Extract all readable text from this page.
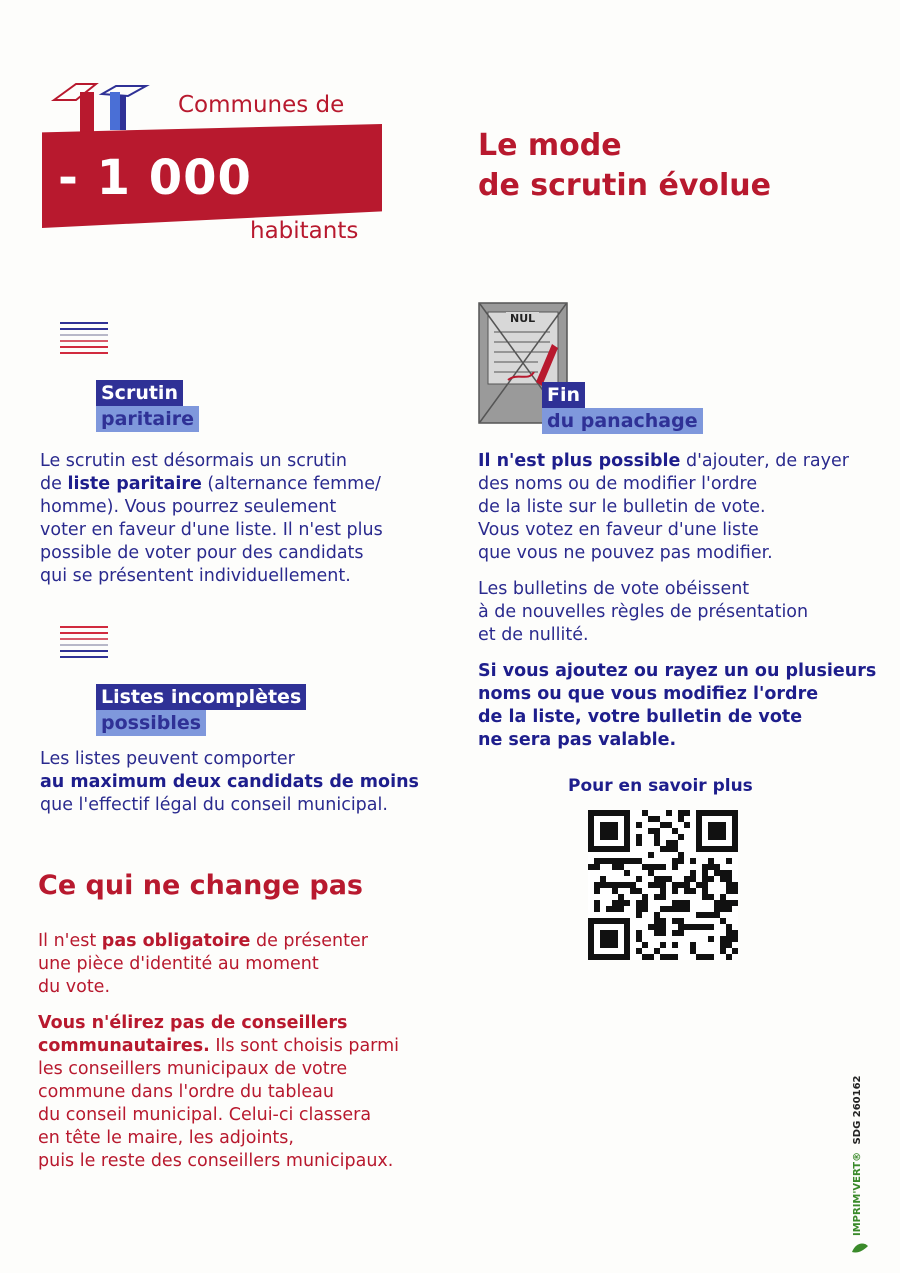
- 1 000
Communes de
habitants
Le mode
de scrutin évolue
Scrutin
paritaire
Le scrutin est désormais un scrutin
de liste paritaire (alternance femme/
homme). Vous pourrez seulement
voter en faveur d'une liste. Il n'est plus
possible de voter pour des candidats
qui se présentent individuellement.
Listes incomplètes
possibles
Les listes peuvent comporter
au maximum deux candidats de moins
que l'effectif légal du conseil municipal.
Ce qui ne change pas
Il n'est pas obligatoire de présenter
une pièce d'identité au moment
du vote.
Vous n'élirez pas de conseillers
communautaires. Ils sont choisis parmi
les conseillers municipaux de votre
commune dans l'ordre du tableau
du conseil municipal. Celui-ci classera
en tête le maire, les adjoints,
puis le reste des conseillers municipaux.
NUL
Fin
du panachage
Il n'est plus possible d'ajouter, de rayer
des noms ou de modifier l'ordre
de la liste sur le bulletin de vote.
Vous votez en faveur d'une liste
que vous ne pouvez pas modifier.
Les bulletins de vote obéissent
à de nouvelles règles de présentation
et de nullité.
Si vous ajoutez ou rayez un ou plusieurs
noms ou que vous modifiez l'ordre
de la liste, votre bulletin de vote
ne sera pas valable.
Pour en savoir plus
IMPRIM'VERT® SDG 260162
